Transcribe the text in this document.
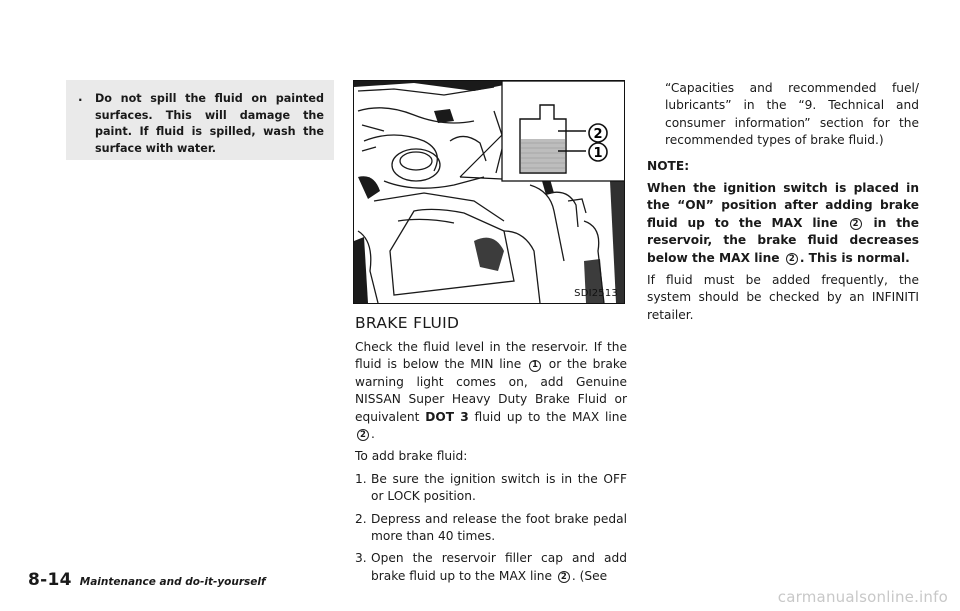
. Do not spill the fluid on painted surfaces. This will damage the paint. If fluid is spilled, wash the surface with water.
2
1
SDI2513
BRAKE FLUID

Check the fluid level in the reservoir. If the fluid is below the MIN line 1 or the brake warning light comes on, add Genuine NISSAN Super Heavy Duty Brake Fluid or equivalent DOT 3 fluid up to the MAX line 2 .

To add brake fluid:

1. Be sure the ignition switch is in the OFF or LOCK position.
2. Depress and release the foot brake pedal more than 40 times.
3. Open the reservoir filler cap and add brake fluid up to the MAX line 2 . (See

“Capacities and recommended fuel/ lubricants” in the “9. Technical and consumer information” section for the recommended types of brake fluid.)

NOTE:

When the ignition switch is placed in the “ON” position after adding brake fluid up to the MAX line 2 in the reservoir, the brake fluid decreases below the MAX line 2 . This is normal.

If fluid must be added frequently, the system should be checked by an INFINITI retailer.

8-14 Maintenance and do-it-yourself
carmanualsonline.info
